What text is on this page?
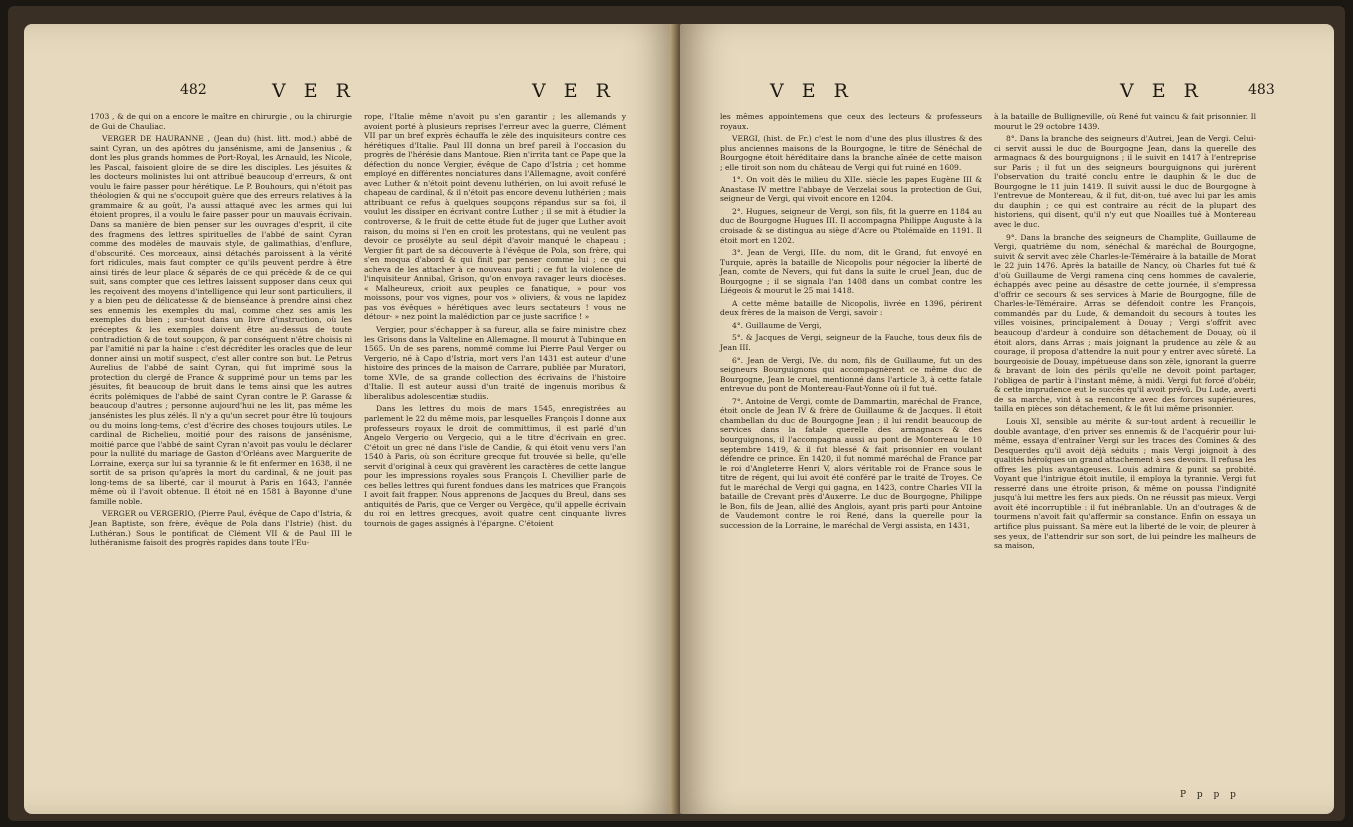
482	V E R	V E R

1703 , & de qui on a encore le maître en chirurgie , ou la chirurgie de Gui de Chauliac.

VERGER DE HAURANNE , (Jean du) (hist. litt. mod.) abbé de saint Cyran, un des apôtres du jansénisme, ami de Jansenius , & dont les plus grands hommes de Port-Royal, les Arnauld, les Nicole, les Pascal, faisoient gloire de se dire les disciples. Les jésuites & les docteurs molinistes lui ont attribué beaucoup d'erreurs, & ont voulu le faire passer pour hérétique. Le P. Bouhours, qui n'étoit pas théologien & qui ne s'occupoit guère que des erreurs relatives à la grammaire & au goût, l'a aussi attaqué avec les armes qui lui étoient propres, il a voulu le faire passer pour un mauvais écrivain. Dans sa manière de bien penser sur les ouvrages d'esprit, il cite des fragmens des lettres spirituelles de l'abbé de saint Cyran comme des modèles de mauvais style, de galimathias, d'enflure, d'obscurité. Ces morceaux, ainsi détachés paroissent à la vérité fort ridicules, mais faut compter ce qu'ils peuvent perdre à être ainsi tirés de leur place & séparés de ce qui précède & de ce qui suit, sans compter que ces lettres laissent supposer dans ceux qui les reçoivent des moyens d'intelligence qui leur sont particuliers, il y a bien peu de délicatesse & de bienséance à prendre ainsi chez ses ennemis les exemples du mal, comme chez ses amis les exemples du bien ; sur-tout dans un livre d'instruction, où les préceptes & les exemples doivent être au-dessus de toute contradiction & de tout soupçon, & par conséquent n'être choisis ni par l'amitié ni par la haine : c'est décréditer les oracles que de leur donner ainsi un motif suspect, c'est aller contre son but. Le Petrus Aurelius de l'abbé de saint Cyran, qui fut imprimé sous la protection du clergé de France & supprimé pour un tems par les jésuites, fit beaucoup de bruit dans le tems ainsi que les autres écrits polémiques de l'abbé de saint Cyran contre le P. Garasse & beaucoup d'autres ; personne aujourd'hui ne les lit, pas même les jansénistes les plus zélés. Il n'y a qu'un secret pour être lû toujours ou du moins long-tems, c'est d'écrire des choses toujours utiles. Le cardinal de Richelieu, moitié pour des raisons de jansénisme, moitié parce que l'abbé de saint Cyran n'avoit pas voulu le déclarer pour la nullité du mariage de Gaston d'Orléans avec Marguerite de Lorraine, exerça sur lui sa tyrannie & le fit enfermer en 1638, il ne sortit de sa prison qu'après la mort du cardinal, & ne jouit pas long-tems de sa liberté, car il mourut à Paris en 1643, l'année même où il l'avoit obtenue. Il étoit né en 1581 à Bayonne d'une famille noble.

VERGER ou VERGERIO, (Pierre Paul, évêque de Capo d'Istria, & Jean Baptiste, son frère, évêque de Pola dans l'Istrie) (hist. du Luthéran.) Sous le pontificat de Clément VII & de Paul III le luthéranisme faisoit des progrès rapides dans toute l'Eu-

rope, l'Italie même n'avoit pu s'en garantir ; les allemands y avoient porté à plusieurs reprises l'erreur avec la guerre, Clément VII par un bref exprès échauffa le zèle des inquisiteurs contre ces hérétiques d'Italie. Paul III donna un bref pareil à l'occasion du progrès de l'hérésie dans Mantoue. Rien n'irrita tant ce Pape que la défection du nonce Vergier, évêque de Capo d'Istria ; cet homme employé en différentes nonciatures dans l'Allemagne, avoit conféré avec Luther & n'étoit point devenu luthérien, on lui avoit refusé le chapeau de cardinal, & il n'étoit pas encore devenu luthérien ; mais attribuant ce refus à quelques soupçons répandus sur sa foi, il voulut les dissiper en écrivant contre Luther ; il se mit à étudier la controverse, & le fruit de cette étude fut de juger que Luther avoit raison, du moins si l'en en croit les protestans, qui ne veulent pas devoir ce prosélyte au seul dépit d'avoir manqué le chapeau ; Vergier fit part de sa découverte à l'évêque de Pola, son frère, qui s'en moqua d'abord & qui finit par penser comme lui ; ce qui acheva de les attacher à ce nouveau parti ; ce fut la violence de l'inquisiteur Annibal, Grison, qu'on envoya ravager leurs diocèses. « Malheureux, crioit aux peuples ce fanatique, » pour vos moissons, pour vos vignes, pour vos » oliviers, & vous ne lapidez pas vos évêques » hérétiques avec leurs sectateurs ! vous ne détour- » nez point la malédiction par ce juste sacrifice ! »

Vergier, pour s'échapper à sa fureur, alla se faire ministre chez les Grisons dans la Valteline en Allemagne. Il mourut à Tubinque en 1565. Un de ses parens, nommé comme lui Pierre Paul Verger ou Vergerio, né à Capo d'Istria, mort vers l'an 1431 est auteur d'une histoire des princes de la maison de Carrare, publiée par Muratori, tome XVIe, de sa grande collection des écrivains de l'histoire d'Italie. Il est auteur aussi d'un traité de ingenuis moribus & liberalibus adolescentiæ studiis.

Dans les lettres du mois de mars 1545, enregistrées au parlement le 22 du même mois, par lesquelles François I donne aux professeurs royaux le droit de committimus, il est parlé d'un Angelo Vergerio ou Vergecio, qui a le titre d'écrivain en grec. C'étoit un grec né dans l'isle de Candie, & qui étoit venu vers l'an 1540 à Paris, où son écriture grecque fut trouvée si belle, qu'elle servit d'original à ceux qui gravèrent les caractères de cette langue pour les impressions royales sous François I. Chevillier parle de ces belles lettres qui furent fondues dans les matrices que François I avoit fait frapper. Nous apprenons de Jacques du Breul, dans ses antiquités de Paris, que ce Verger ou Vergèce, qu'il appelle écrivain du roi en lettres grecques, avoit quatre cent cinquante livres tournois de gages assignés à l'épargne. C'étoient

V E R	V E R	483

les mêmes appointemens que ceux des lecteurs & professeurs royaux.

VERGI, (hist. de Fr.) c'est le nom d'une des plus illustres & des plus anciennes maisons de la Bourgogne, le titre de Sénéchal de Bourgogne étoit héréditaire dans la branche aînée de cette maison ; elle tiroit son nom du château de Vergi qui fut ruiné en 1609.

1°. On voit dès le milieu du XIIe. siècle les papes Eugène III & Anastase IV mettre l'abbaye de Verzelai sous la protection de Gui, seigneur de Vergi, qui vivoit encore en 1204.

2°. Hugues, seigneur de Vergi, son fils, fit la guerre en 1184 au duc de Bourgogne Hugues III. Il accompagna Philippe Auguste à la croisade & se distingua au siège d'Acre ou Ptolémaïde en 1191. Il étoit mort en 1202.

3°. Jean de Vergi, IIIe. du nom, dit le Grand, fut envoyé en Turquie, après la bataille de Nicopolis pour négocier la liberté de Jean, comte de Nevers, qui fut dans la suite le cruel Jean, duc de Bourgogne ; il se signala l'an 1408 dans un combat contre les Liégeois & mourut le 25 mai 1418.

A cette même bataille de Nicopolis, livrée en 1396, périrent deux frères de la maison de Vergi, savoir :

4°. Guillaume de Vergi,

5°. & Jacques de Vergi, seigneur de la Fauche, tous deux fils de Jean III.

6°. Jean de Vergi, IVe. du nom, fils de Guillaume, fut un des seigneurs Bourguignons qui accompagnèrent ce même duc de Bourgogne, Jean le cruel, mentionné dans l'article 3, à cette fatale entrevue du pont de Montereau-Faut-Yonne où il fut tué.

7°. Antoine de Vergi, comte de Dammartin, maréchal de France, étoit oncle de Jean IV & frère de Guillaume & de Jacques. Il étoit chambellan du duc de Bourgogne Jean ; il lui rendit beaucoup de services dans la fatale querelle des armagnacs & des bourguignons, il l'accompagna aussi au pont de Montereau le 10 septembre 1419, & il fut blessé & fait prisonnier en voulant défendre ce prince. En 1420, il fut nommé maréchal de France par le roi d'Angleterre Henri V, alors véritable roi de France sous le titre de régent, qui lui avoit été conféré par le traité de Troyes. Ce fut le maréchal de Vergi qui gagna, en 1423, contre Charles VII la bataille de Crevant près d'Auxerre. Le duc de Bourgogne, Philippe le Bon, fils de Jean, allié des Anglois, ayant pris parti pour Antoine de Vaudemont contre le roi René, dans la querelle pour la succession de la Lorraine, le maréchal de Vergi assista, en 1431,

à la bataille de Bulligneville, où René fut vaincu & fait prisonnier. Il mourut le 29 octobre 1439.

8°. Dans la branche des seigneurs d'Autrei, Jean de Vergi. Celui-ci servit aussi le duc de Bourgogne Jean, dans la querelle des armagnacs & des bourguignons ; il le suivit en 1417 à l'entreprise sur Paris ; il fut un des seigneurs bourguignons qui jurèrent l'observation du traité conclu entre le dauphin & le duc de Bourgogne le 11 juin 1419. Il suivit aussi le duc de Bourgogne à l'entrevue de Montereau, & il fut, dit-on, tué avec lui par les amis du dauphin ; ce qui est contraire au récit de la plupart des historiens, qui disent, qu'il n'y eut que Noailles tué à Montereau avec le duc.

9°. Dans la branche des seigneurs de Champlite, Guillaume de Vergi, quatrième du nom, sénéchal & maréchal de Bourgogne, suivit & servit avec zèle Charles-le-Téméraire à la bataille de Morat le 22 juin 1476. Après la bataille de Nancy, où Charles fut tué & d'où Guillaume de Vergi ramena cinq cens hommes de cavalerie, échappés avec peine au désastre de cette journée, il s'empressa d'offrir ce secours & ses services à Marie de Bourgogne, fille de Charles-le-Téméraire. Arras se défendoit contre les François, commandés par du Lude, & demandoit du secours à toutes les villes voisines, principalement à Douay ; Vergi s'offrit avec beaucoup d'ardeur à conduire son détachement de Douay, où il étoit alors, dans Arras ; mais joignant la prudence au zèle & au courage, il proposa d'attendre la nuit pour y entrer avec sûreté. La bourgeoisie de Douay, impétueuse dans son zèle, ignorant la guerre & bravant de loin des périls qu'elle ne devoit point partager, l'obligea de partir à l'instant même, à midi. Vergi fut forcé d'obéir, & cette imprudence eut le succès qu'il avoit prévû. Du Lude, averti de sa marche, vint à sa rencontre avec des forces supérieures, tailla en pièces son détachement, & le fit lui même prisonnier.

Louis XI, sensible au mérite & sur-tout ardent à recueillir le double avantage, d'en priver ses ennemis & de l'acquérir pour lui-même, essaya d'entraîner Vergi sur les traces des Comines & des Desquerdes qu'il avoit déjà séduits ; mais Vergi joignoit à des qualités héroïques un grand attachement à ses devoirs. Il refusa les offres les plus avantageuses. Louis admira & punit sa probité. Voyant que l'intrigue étoit inutile, il employa la tyrannie. Vergi fut resserré dans une étroite prison, & même on poussa l'indignité jusqu'à lui mettre les fers aux pieds. On ne réussit pas mieux. Vergi avoit été incorruptible : il fut inébranlable. Un an d'outrages & de tourmens n'avoit fait qu'affermir sa constance. Enfin on essaya un artifice plus puissant. Sa mère eut la liberté de le voir, de pleurer à ses yeux, de l'attendrir sur son sort, de lui peindre les malheurs de sa maison,

P p p p
